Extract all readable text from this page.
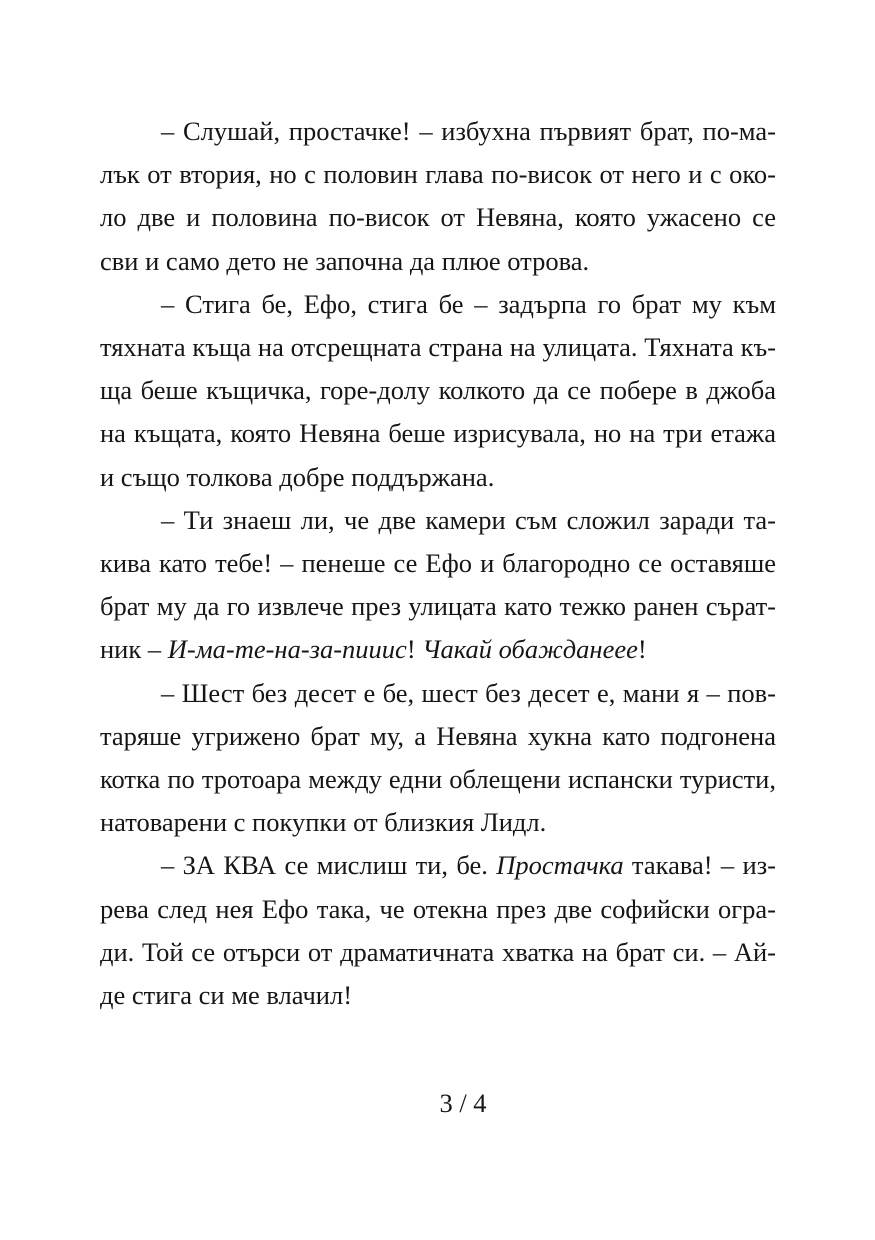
– Слушай, простачке! – избухна първият брат, по-ма-
лък от втория, но с половин глава по-висок от него и с око-
ло две и половина по-висок от Невяна, която ужасено се
сви и само дето не започна да плюе отрова.
– Стига бе, Ефо, стига бе – задърпа го брат му към
тяхната къща на отсрещната страна на улицата. Тяхната къ-
ща беше къщичка, горе-долу колкото да се побере в джоба
на къщата, която Невяна беше изрисувала, но на три етажа
и също толкова добре поддържана.
– Ти знаеш ли, че две камери съм сложил заради та-
кива като тебе! – пенеше се Ефо и благородно се оставяше
брат му да го извлече през улицата като тежко ранен сърат-
ник – И-ма-те-на-за-пииис! Чакай обажданеее!
– Шест без десет е бе, шест без десет е, мани я – пов-
таряше угрижено брат му, а Невяна хукна като подгонена
котка по тротоара между едни облещени испански туристи,
натоварени с покупки от близкия Лидл.
– ЗА КВА се мислиш ти, бе. Простачка такава! – из-
рева след нея Ефо така, че отекна през две софийски огра-
ди. Той се отърси от драматичната хватка на брат си. – Ай-
де стига си ме влачил!
3 / 4
